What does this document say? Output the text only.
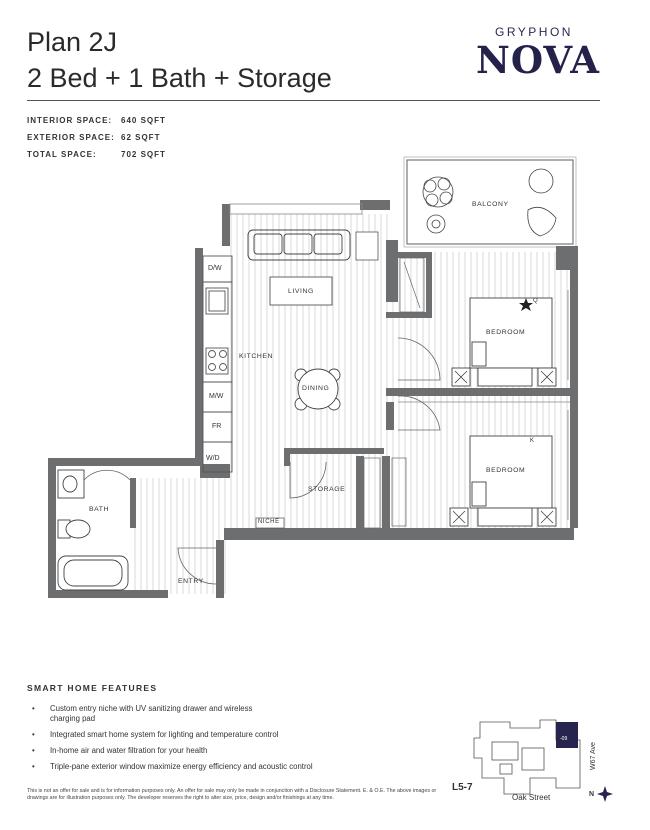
Plan 2J
2 Bed + 1 Bath + Storage
GRYPHON
NOVA
INTERIOR SPACE: 640 SQFT
EXTERIOR SPACE: 62 SQFT
TOTAL SPACE:	702 SQFT
BALCONY
LIVING
KITCHEN
DINING
BEDROOM
BEDROOM
STORAGE
BATH
ENTRY
NICHE
D/W
M/W
FR
W/D
Q
K
SMART HOME FEATURES
• Custom entry niche with UV sanitizing drawer and wireless charging pad
• Integrated smart home system for lighting and temperature control
• In-home air and water filtration for your health
• Triple-pane exterior window maximize energy efficiency and acoustic control
This is not an offer for sale and is for information purposes only. An offer for sale may only be made in conjunction with a Disclosure Statement. E. & O.E. The above images or drawings are for illustration purposes only. The developer reserves the right to alter size, price, design and/or finishings at any time.
-09
L5-7
Oak Street
W67 Ave
N
